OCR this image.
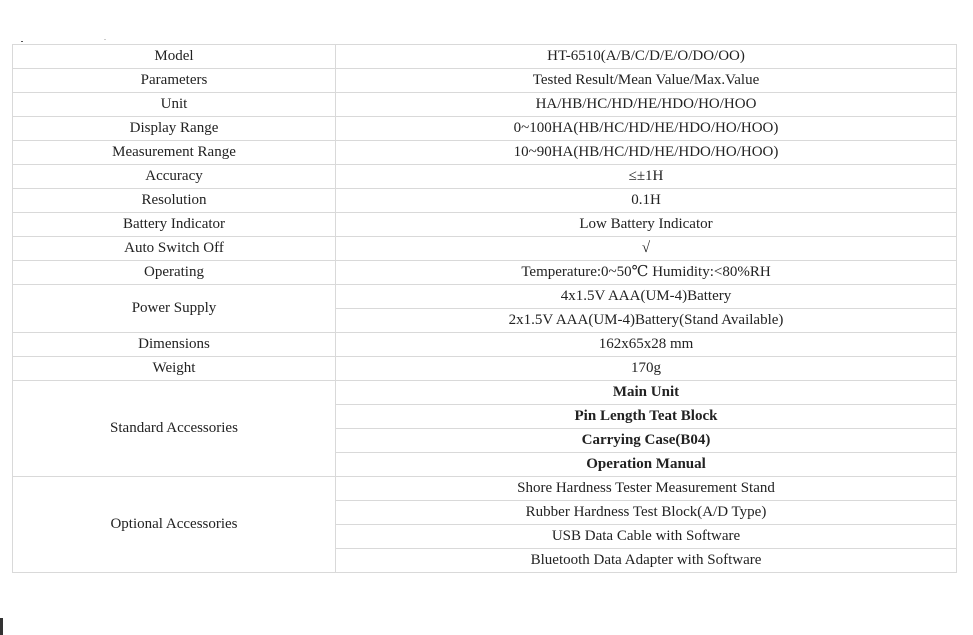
Model	HT-6510(A/B/C/D/E/O/DO/OO)
Parameters	Tested Result/Mean Value/Max.Value
Unit	HA/HB/HC/HD/HE/HDO/HO/HOO
Display Range	0~100HA(HB/HC/HD/HE/HDO/HO/HOO)
Measurement Range	10~90HA(HB/HC/HD/HE/HDO/HO/HOO)
Accuracy	≤±1H
Resolution	0.1H
Battery Indicator	Low Battery Indicator
Auto Switch Off	√
Operating	Temperature:0~50℃ Humidity:<80%RH
Power Supply	4x1.5V AAA(UM-4)Battery
	2x1.5V AAA(UM-4)Battery(Stand Available)
Dimensions	162x65x28 mm
Weight	170g
Standard Accessories	Main Unit
	Pin Length Teat Block
	Carrying Case(B04)
	Operation Manual
Optional Accessories	Shore Hardness Tester Measurement Stand
	Rubber Hardness Test Block(A/D Type)
	USB Data Cable with Software
	Bluetooth Data Adapter with Software
